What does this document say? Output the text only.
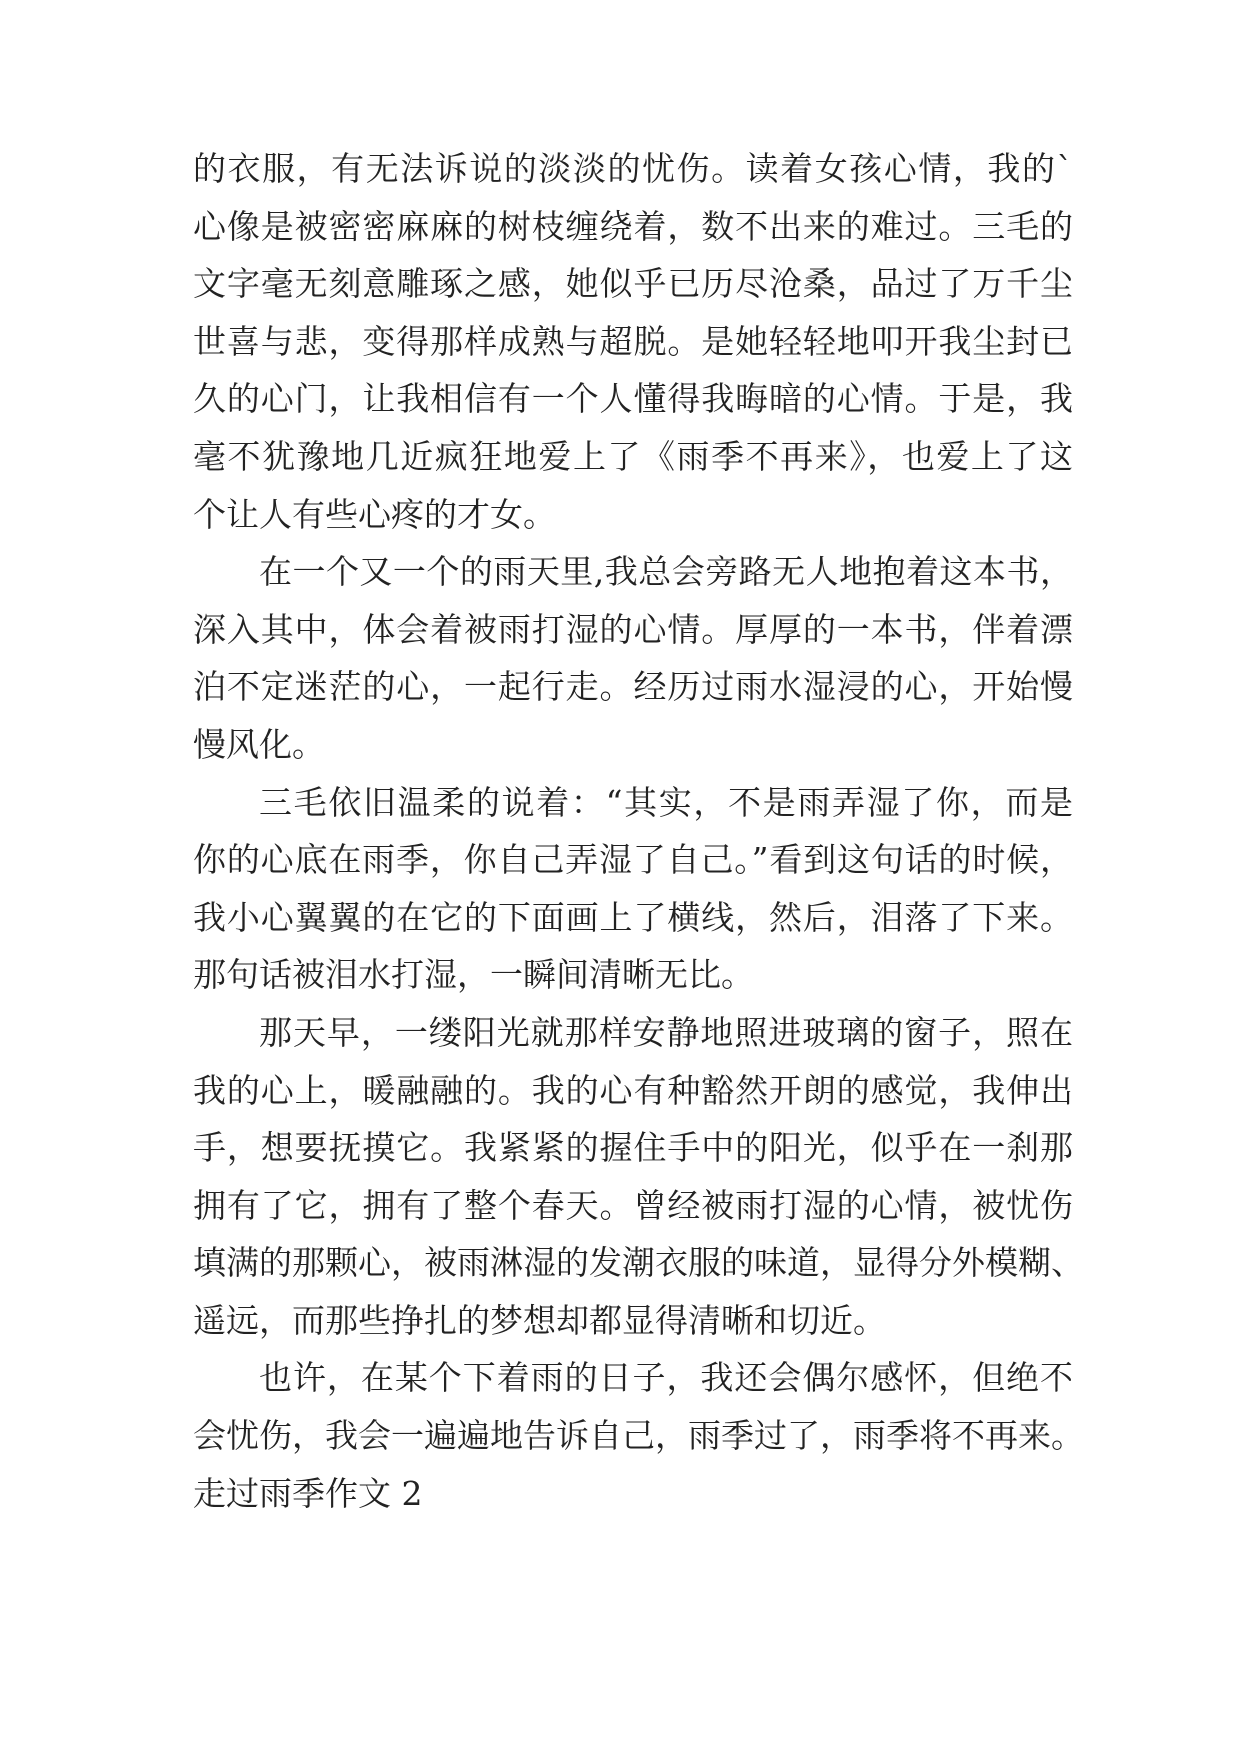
的衣服，有无法诉说的淡淡的忧伤。读着女孩心情，我的`
心像是被密密麻麻的树枝缠绕着，数不出来的难过。三毛的
文字毫无刻意雕琢之感，她似乎已历尽沧桑，品过了万千尘
世喜与悲，变得那样成熟与超脱。是她轻轻地叩开我尘封已
久的心门，让我相信有一个人懂得我晦暗的心情。于是，我
毫不犹豫地几近疯狂地爱上了《雨季不再来》，也爱上了这
个让人有些心疼的才女。
在一个又一个的雨天里,我总会旁路无人地抱着这本书，
深入其中，体会着被雨打湿的心情。厚厚的一本书，伴着漂
泊不定迷茫的心，一起行走。经历过雨水湿浸的心，开始慢
慢风化。
三毛依旧温柔的说着：“其实，不是雨弄湿了你，而是
你的心底在雨季，你自己弄湿了自己。”看到这句话的时候，
我小心翼翼的在它的下面画上了横线，然后，泪落了下来。
那句话被泪水打湿，一瞬间清晰无比。
那天早，一缕阳光就那样安静地照进玻璃的窗子，照在
我的心上，暖融融的。我的心有种豁然开朗的感觉，我伸出
手，想要抚摸它。我紧紧的握住手中的阳光，似乎在一刹那
拥有了它，拥有了整个春天。曾经被雨打湿的心情，被忧伤
填满的那颗心，被雨淋湿的发潮衣服的味道，显得分外模糊、
遥远，而那些挣扎的梦想却都显得清晰和切近。
也许，在某个下着雨的日子，我还会偶尔感怀，但绝不
会忧伤，我会一遍遍地告诉自己，雨季过了，雨季将不再来。
走过雨季作文 2
